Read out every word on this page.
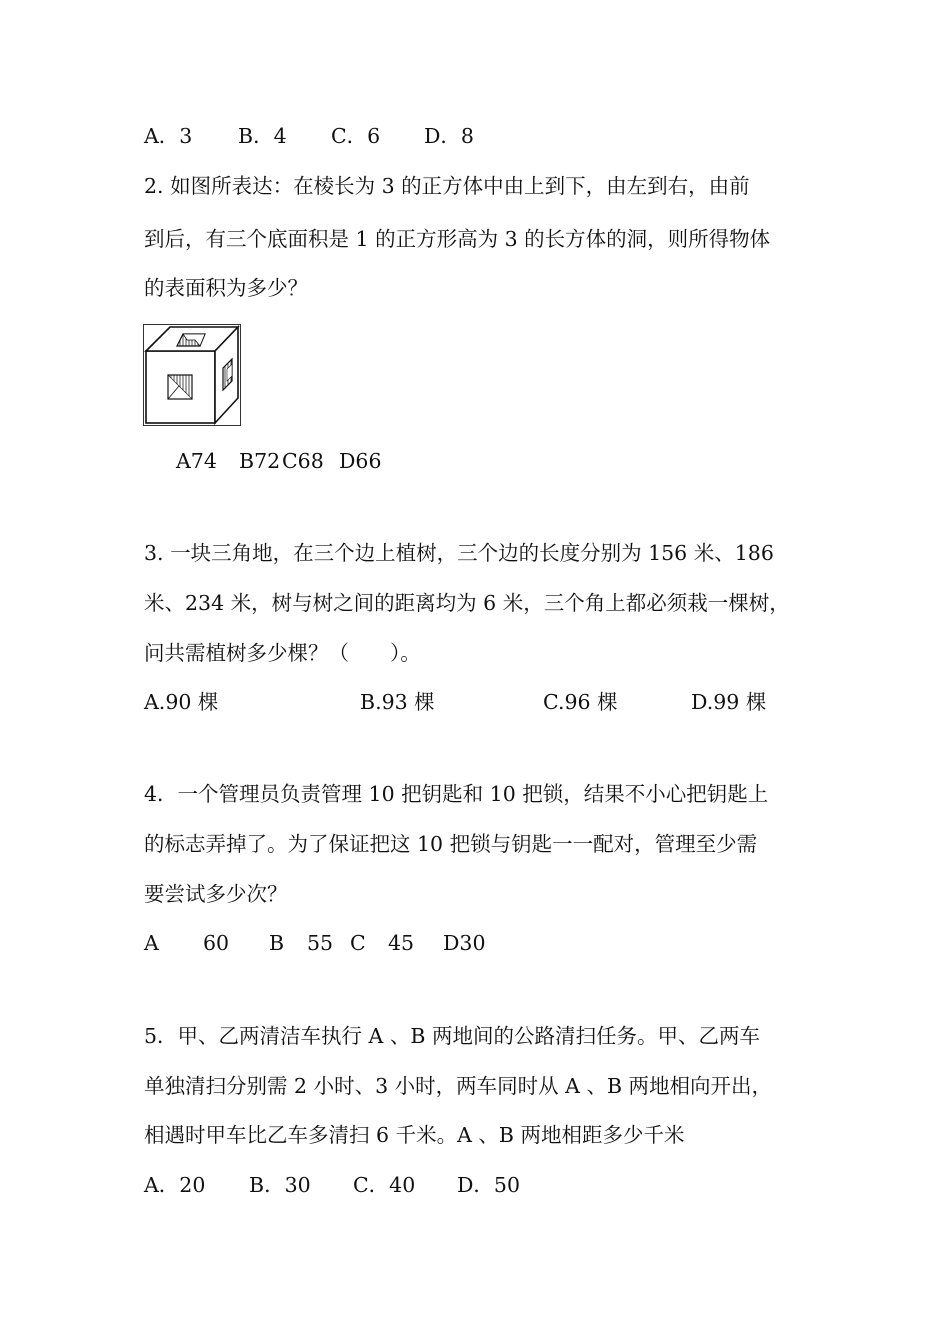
A．3 B．4 C．6 D．8
2. 如图所表达：在棱长为 3 的正方体中由上到下，由左到右，由前
到后，有三个底面积是 1 的正方形高为 3 的长方体的洞，则所得物体
的表面积为多少？
A74 B72 C68 D66
3. 一块三角地，在三个边上植树，三个边的长度分别为 156 米、186
米、234 米，树与树之间的距离均为 6 米，三个角上都必须栽一棵树，
问共需植树多少棵？（　　）。
A.90 棵	B.93 棵	C.96 棵	D.99 棵
4．一个管理员负责管理 10 把钥匙和 10 把锁，结果不小心把钥匙上
的标志弄掉了。为了保证把这 10 把锁与钥匙一一配对，管理至少需
要尝试多少次？
A 60 B 55 C 45 D30
5．甲、乙两清洁车执行 A 、B 两地间的公路清扫任务。甲、乙两车
单独清扫分别需 2 小时、3 小时，两车同时从 A 、B 两地相向开出，
相遇时甲车比乙车多清扫 6 千米。A 、B 两地相距多少千米
A．20 B．30 C．40 D．50
